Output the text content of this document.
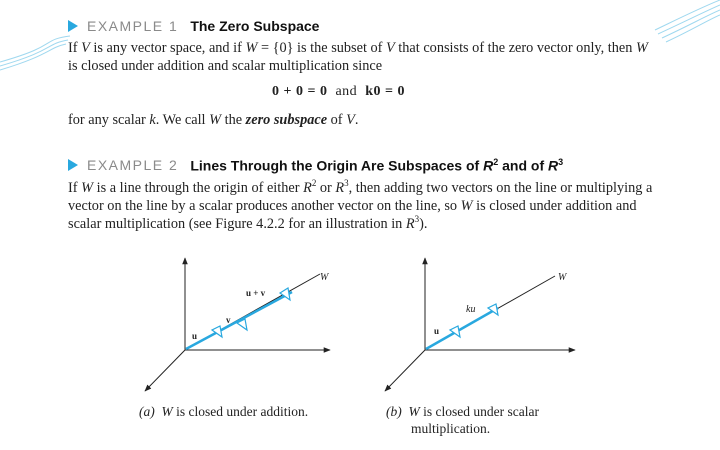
EXAMPLE 1 The Zero Subspace
If V is any vector space, and if W = {0} is the subset of V that consists of the zero vector only, then W is closed under addition and scalar multiplication since
0 + 0 = 0 and k0 = 0
for any scalar k. We call W the zero subspace of V.
EXAMPLE 2 Lines Through the Origin Are Subspaces of $R^2$ and of $R^3$
If W is a line through the origin of either $R^2$ or $R^3$, then adding two vectors on the line or multiplying a vector on the line by a scalar produces another vector on the line, so W is closed under addition and scalar multiplication (see Figure 4.2.2 for an illustration in $R^3$).
W
u + v
v
u
(a) W is closed under addition.
W
ku
u
(b) W is closed under scalar
multiplication.
